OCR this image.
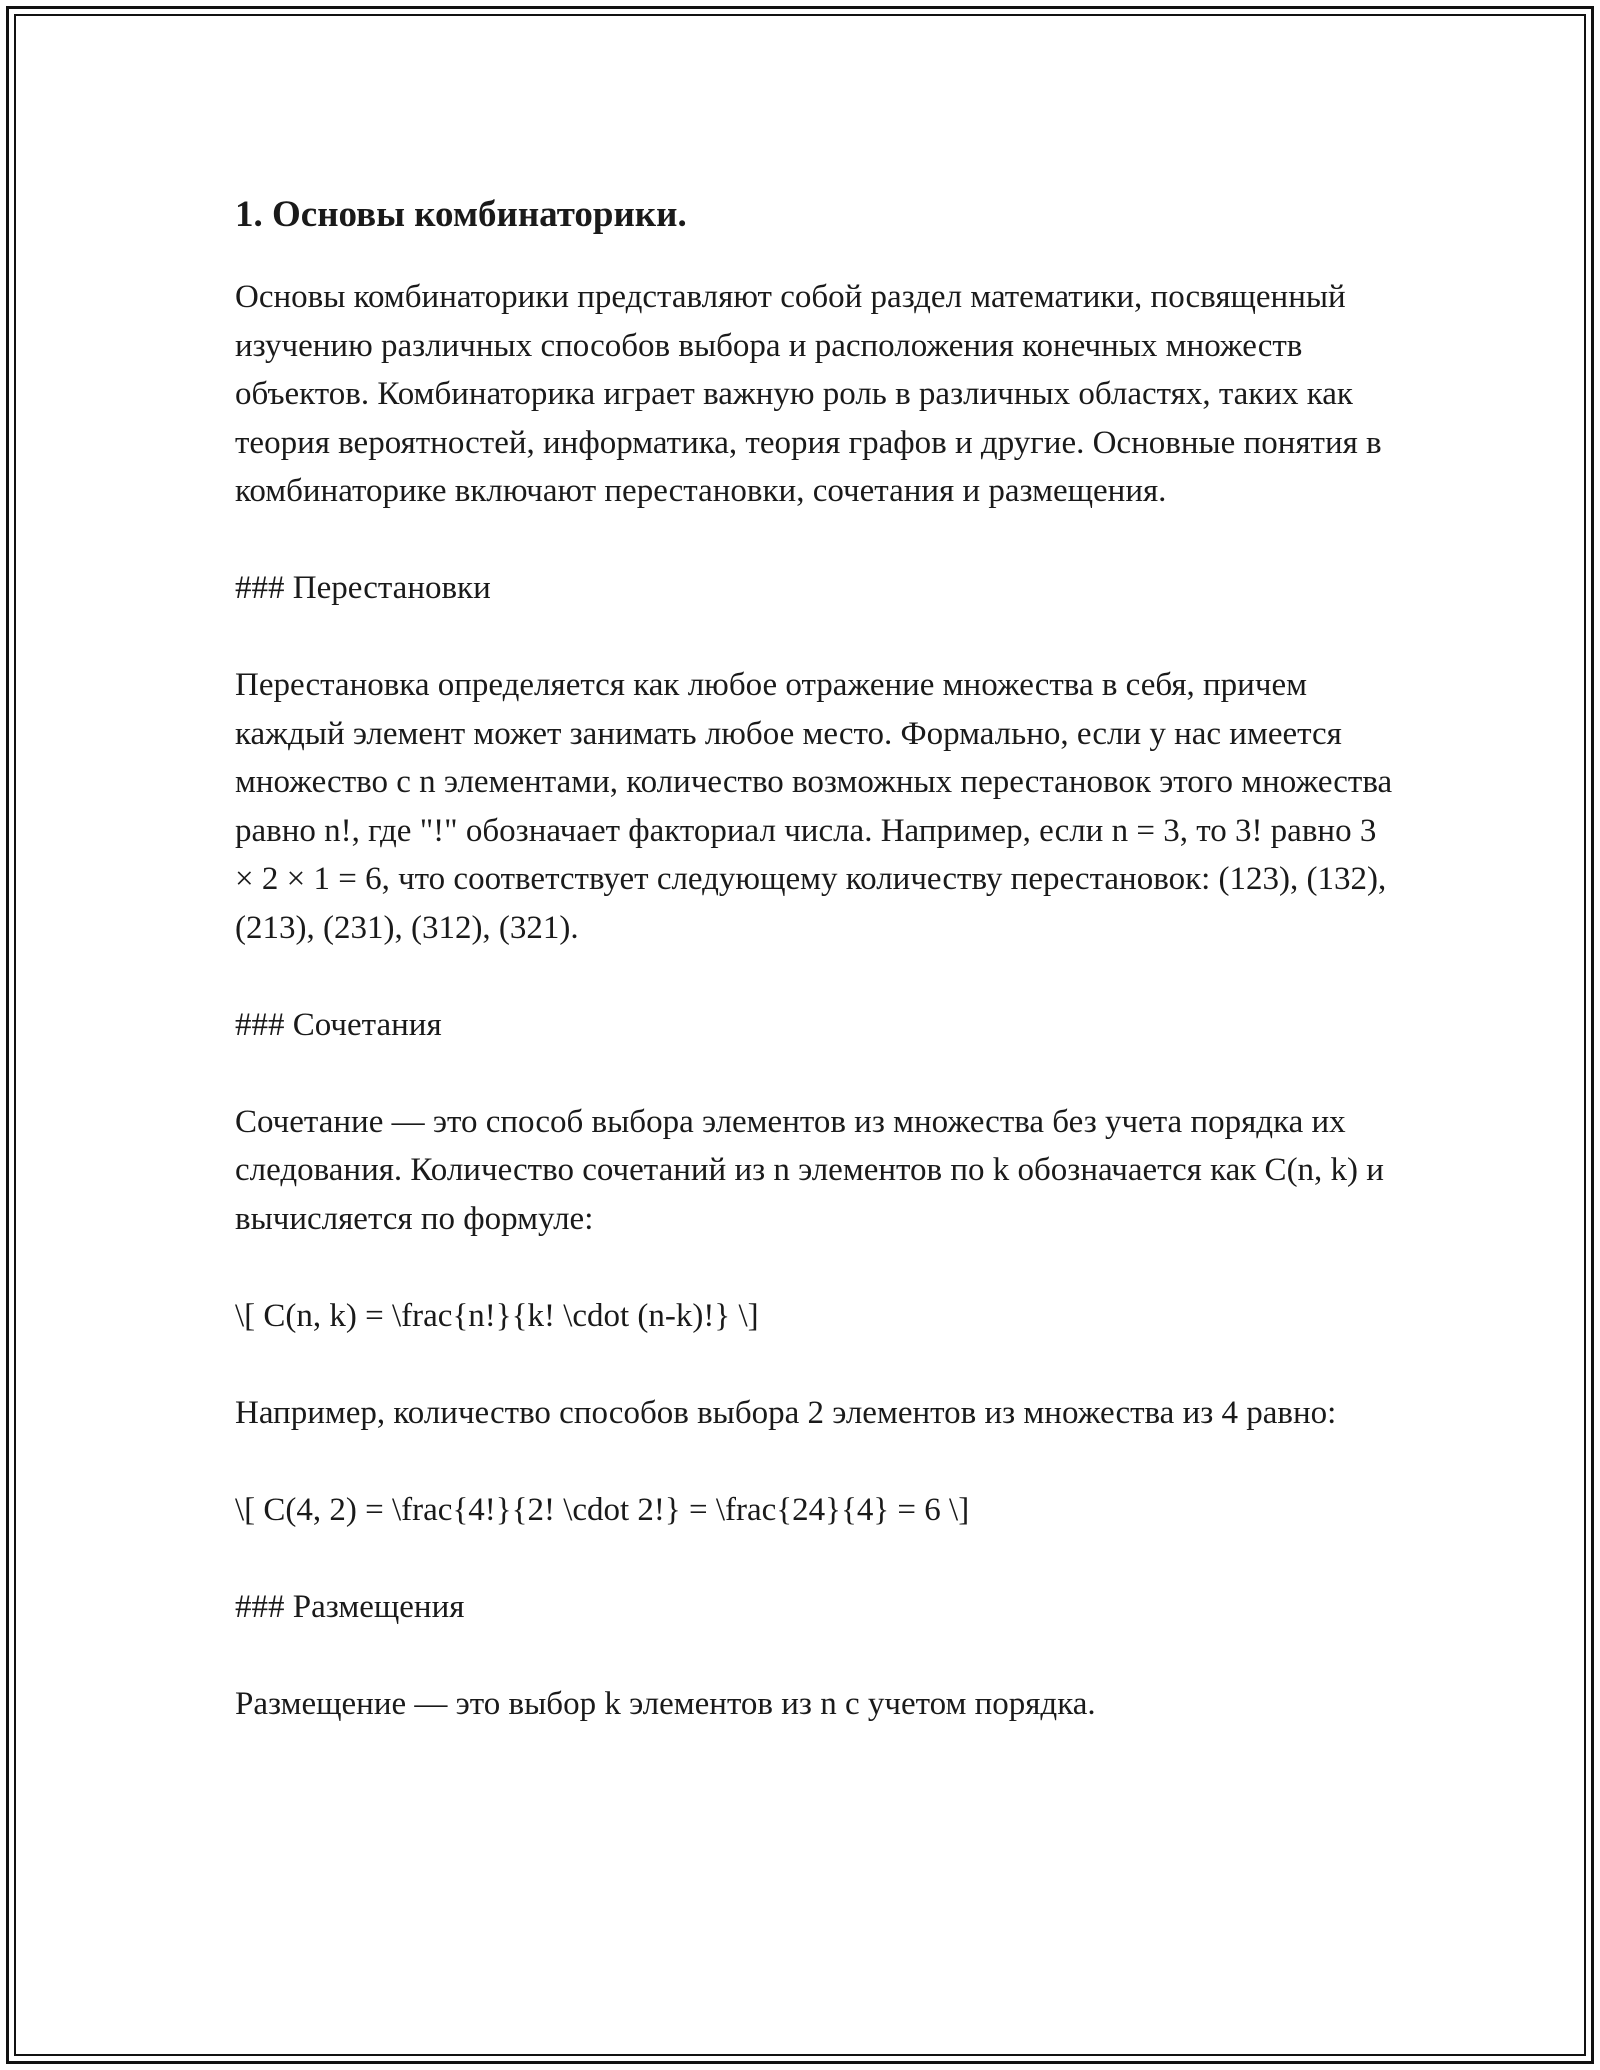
1. Основы комбинаторики.

Основы комбинаторики представляют собой раздел математики, посвященный изучению различных способов выбора и расположения конечных множеств объектов. Комбинаторика играет важную роль в различных областях, таких как теория вероятностей, информатика, теория графов и другие. Основные понятия в комбинаторике включают перестановки, сочетания и размещения.

### Перестановки

Перестановка определяется как любое отражение множества в себя, причем каждый элемент может занимать любое место. Формально, если у нас имеется множество с n элементами, количество возможных перестановок этого множества равно n!, где "!" обозначает факториал числа. Например, если n = 3, то 3! равно 3 × 2 × 1 = 6, что соответствует следующему количеству перестановок: (123), (132), (213), (231), (312), (321).

### Сочетания

Сочетание — это способ выбора элементов из множества без учета порядка их следования. Количество сочетаний из n элементов по k обозначается как C(n, k) и вычисляется по формуле:

\[ C(n, k) = \frac{n!}{k! \cdot (n-k)!} \]

Например, количество способов выбора 2 элементов из множества из 4 равно:

\[ C(4, 2) = \frac{4!}{2! \cdot 2!} = \frac{24}{4} = 6 \]

### Размещения

Размещение — это выбор k элементов из n с учетом порядка.
